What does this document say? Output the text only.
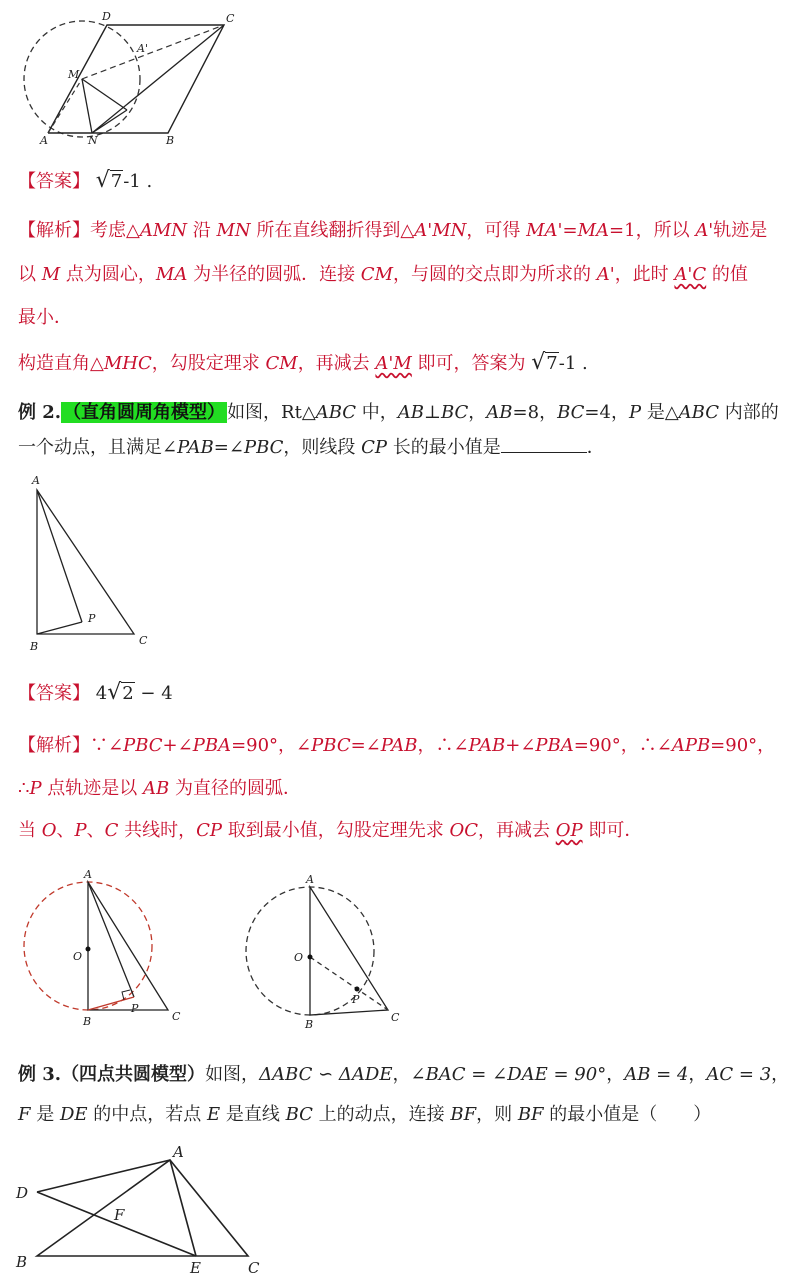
D	C
A'
M
A	N	B
【答案】 √7-1 .
【解析】考虑△AMN 沿 MN 所在直线翻折得到△A'MN，可得 MA'=MA=1，所以 A'轨迹是
以 M 点为圆心，MA 为半径的圆弧．连接 CM，与圆的交点即为所求的 A'，此时 A'C 的值
最小．
构造直角△MHC，勾股定理求 CM，再减去 A'M 即可，答案为 √7-1 .
例 2. （直角圆周角模型） 如图，Rt△ABC 中，AB⊥BC，AB=8，BC=4，P 是△ABC 内部的
一个动点，且满足∠PAB=∠PBC，则线段 CP 长的最小值是	．
A
B	C
P
【答案】 4√2 − 4
【解析】∵∠PBC+∠PBA=90°，∠PBC=∠PAB，∴∠PAB+∠PBA=90°，∴∠APB=90°，
∴P 点轨迹是以 AB 为直径的圆弧．
当 O、P、C 共线时，CP 取到最小值，勾股定理先求 OC，再减去 OP 即可．
A
O
B	C
P
A
O
B
C
P
例 3.（四点共圆模型）如图，ΔABC ∽ ΔADE，∠BAC = ∠DAE = 90°，AB = 4，AC = 3，
F 是 DE 的中点，若点 E 是直线 BC 上的动点，连接 BF，则 BF 的最小值是（　　）
A
D
F
B	E	C
